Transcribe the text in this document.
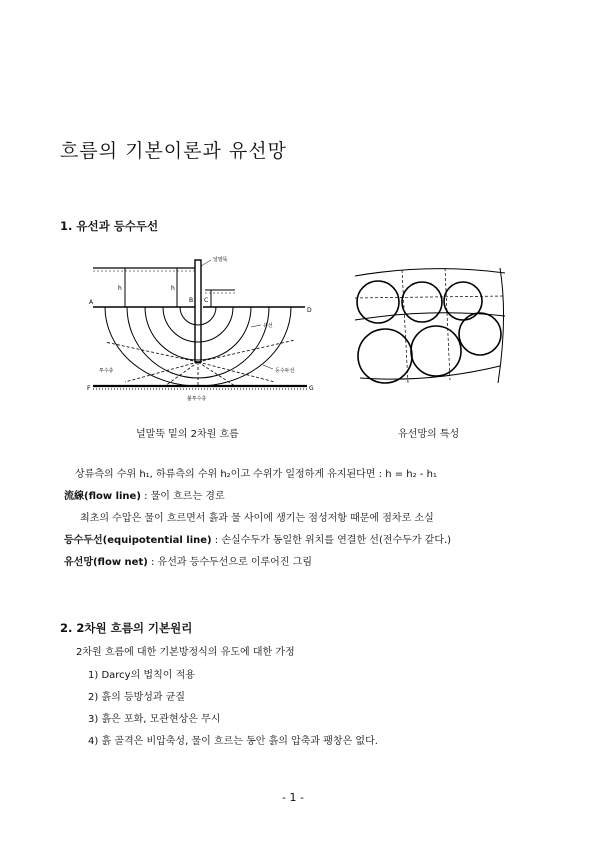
흐름의 기본이론과 유선망
1. 유선과 등수두선
널말뚝
A	B C
D
F	G
h	h
유선
등수두선
투수층
불투수층
널말뚝 밑의 2차원 흐름	유선망의 특성
상류측의 수위 h₁, 하류측의 수위 h₂이고 수위가 일정하게 유지된다면 : h = h₂ - h₁
流線(flow line) : 물이 흐르는 경로
최초의 수압은 물이 흐르면서 흙과 물 사이에 생기는 점성저항 때문에 점차로 소실
등수두선(equipotential line) : 손실수두가 동일한 위치를 연결한 선(전수두가 같다.)
유선망(flow net) : 유선과 등수두선으로 이루어진 그림
2. 2차원 흐름의 기본원리
2차원 흐름에 대한 기본방정식의 유도에 대한 가정
1) Darcy의 법칙이 적용
2) 흙의 등방성과 균질
3) 흙은 포화, 모관현상은 무시
4) 흙 골격은 비압축성, 물이 흐르는 동안 흙의 압축과 팽창은 없다.
- 1 -
